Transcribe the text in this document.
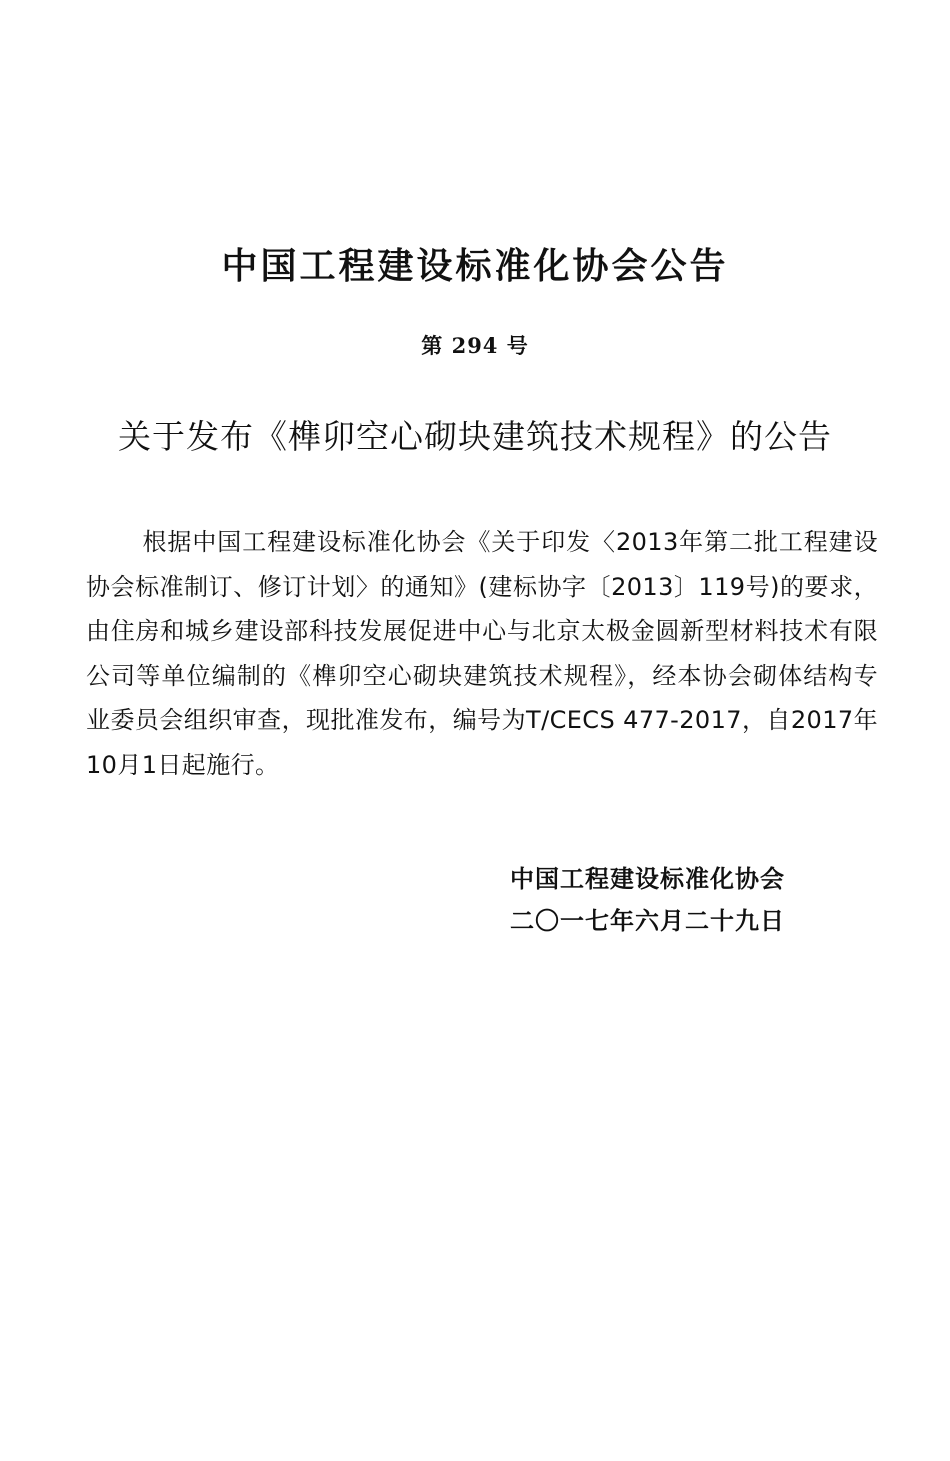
中国工程建设标准化协会公告
第 294 号
关于发布《榫卯空心砌块建筑技术规程》的公告
根据中国工程建设标准化协会《关于印发〈2013年第二批工程建设协会标准制订、修订计划〉的通知》(建标协字〔2013〕119号)的要求，由住房和城乡建设部科技发展促进中心与北京太极金圆新型材料技术有限公司等单位编制的《榫卯空心砌块建筑技术规程》，经本协会砌体结构专业委员会组织审查，现批准发布，编号为T/CECS 477-2017，自2017年10月1日起施行。
中国工程建设标准化协会
二〇一七年六月二十九日
